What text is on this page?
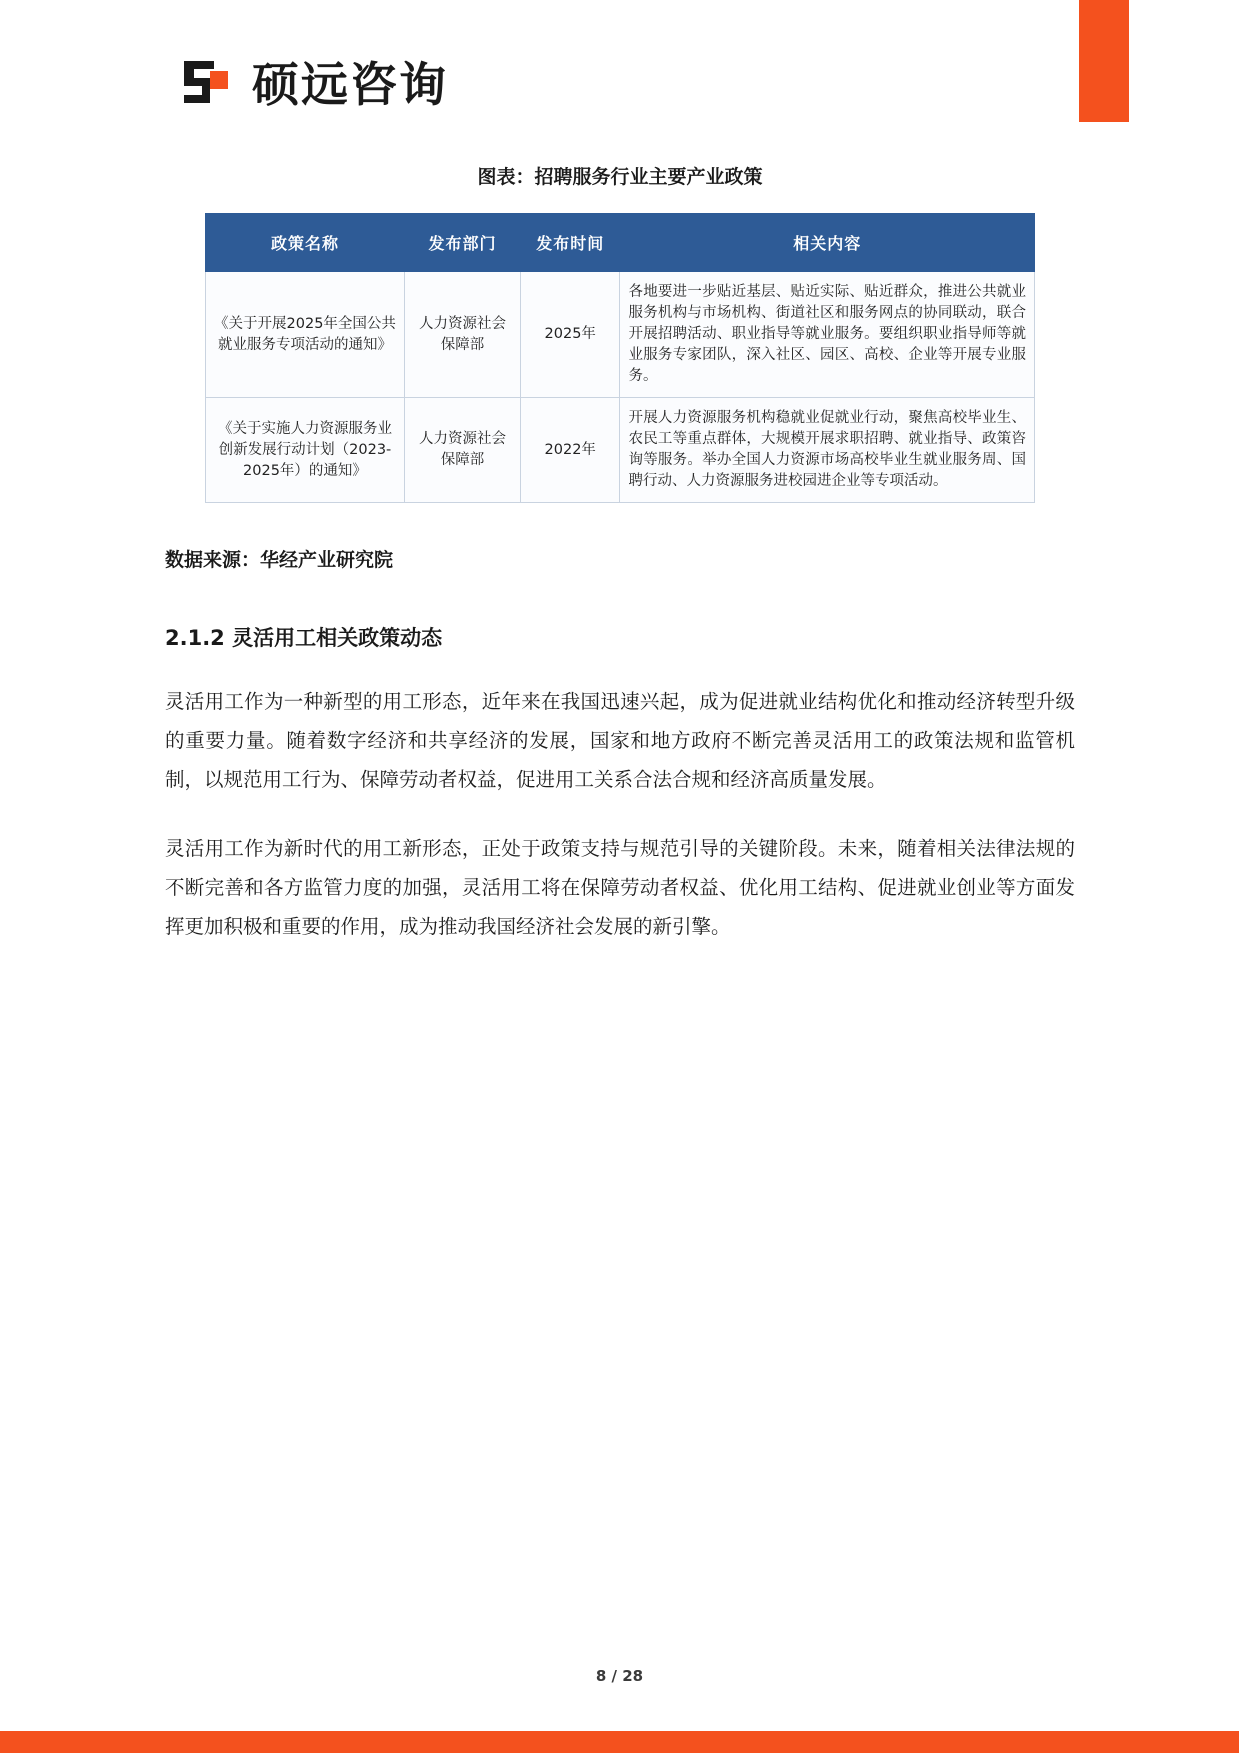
硕远咨询
图表：招聘服务行业主要产业政策
政策名称	发布部门	发布时间	相关内容
《关于开展2025年全国公共就业服务专项活动的通知》	人力资源社会保障部	2025年	各地要进一步贴近基层、贴近实际、贴近群众，推进公共就业服务机构与市场机构、街道社区和服务网点的协同联动，联合开展招聘活动、职业指导等就业服务。要组织职业指导师等就业服务专家团队，深入社区、园区、高校、企业等开展专业服务。
《关于实施人力资源服务业创新发展行动计划（2023-2025年）的通知》	人力资源社会保障部	2022年	开展人力资源服务机构稳就业促就业行动，聚焦高校毕业生、农民工等重点群体，大规模开展求职招聘、就业指导、政策咨询等服务。举办全国人力资源市场高校毕业生就业服务周、国聘行动、人力资源服务进校园进企业等专项活动。
数据来源：华经产业研究院
2.1.2 灵活用工相关政策动态

灵活用工作为一种新型的用工形态，近年来在我国迅速兴起，成为促进就业结构优化和推动经济转型升级的重要力量。随着数字经济和共享经济的发展，国家和地方政府不断完善灵活用工的政策法规和监管机制，以规范用工行为、保障劳动者权益，促进用工关系合法合规和经济高质量发展。

灵活用工作为新时代的用工新形态，正处于政策支持与规范引导的关键阶段。未来，随着相关法律法规的不断完善和各方监管力度的加强，灵活用工将在保障劳动者权益、优化用工结构、促进就业创业等方面发挥更加积极和重要的作用，成为推动我国经济社会发展的新引擎。

8 / 28
